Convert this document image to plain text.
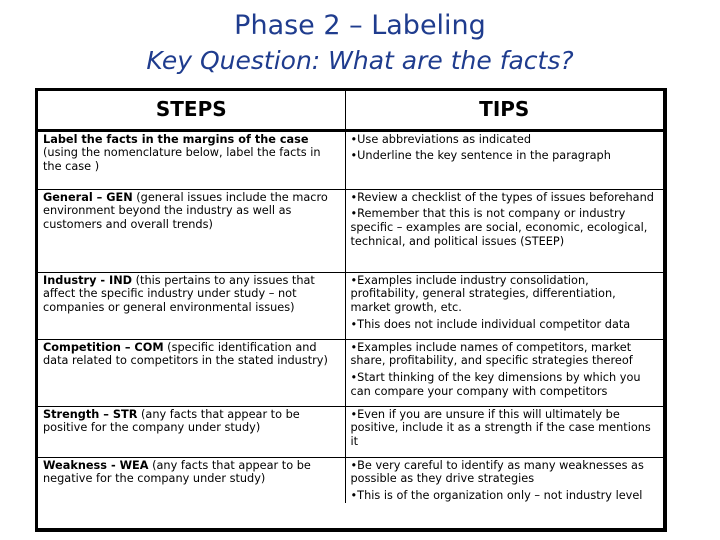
Phase 2 – Labeling
Key Question: What are the facts?
STEPS	TIPS
Label the facts in the margins of the case (using the nomenclature below, label the facts in the case )	•Use abbreviations as indicated
•Underline the key sentence in the paragraph

General – GEN (general issues include the macro environment beyond the industry as well as customers and overall trends)	•Review a checklist of the types of issues beforehand
•Remember that this is not company or industry specific – examples are social, economic, ecological, technical, and political issues (STEEP)

Industry - IND (this pertains to any issues that affect the specific industry under study – not companies or general environmental issues)	•Examples include industry consolidation, profitability, general strategies, differentiation, market growth, etc.
•This does not include individual competitor data

Competition – COM (specific identification and data related to competitors in the stated industry)	•Examples include names of competitors, market share, profitability, and specific strategies thereof
•Start thinking of the key dimensions by which you can compare your company with competitors

Strength – STR (any facts that appear to be positive for the company under study)	•Even if you are unsure if this will ultimately be positive, include it as a strength if the case mentions it

Weakness - WEA (any facts that appear to be negative for the company under study)	•Be very careful to identify as many weaknesses as possible as they drive strategies
•This is of the organization only – not industry level
